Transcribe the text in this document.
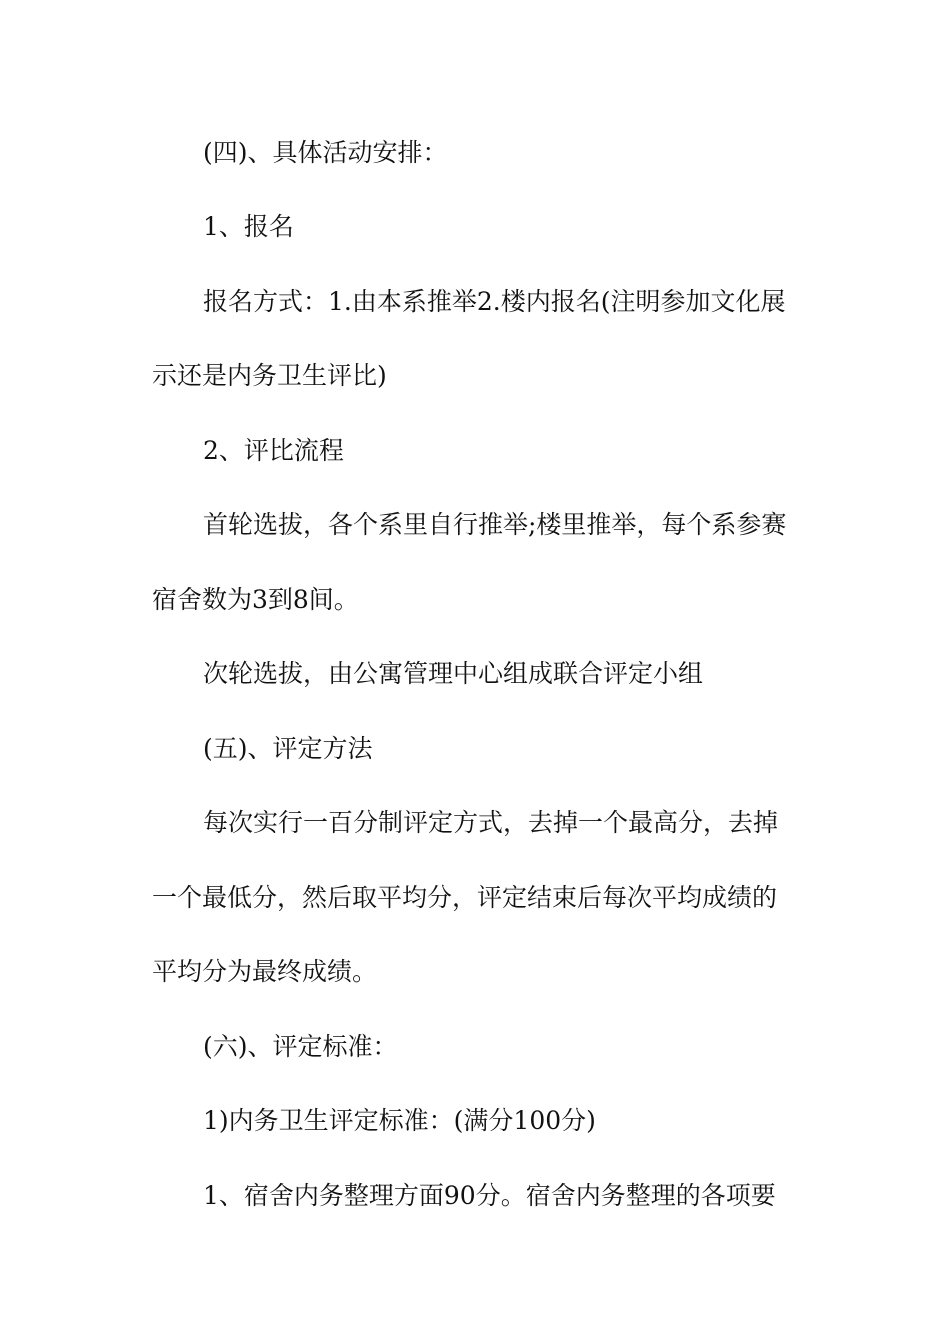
(四)、具体活动安排：
1、报名
报名方式：1.由本系推举2.楼内报名(注明参加文化展
示还是内务卫生评比)
2、评比流程
首轮选拔，各个系里自行推举;楼里推举，每个系参赛
宿舍数为3到8间。
次轮选拔，由公寓管理中心组成联合评定小组
(五)、评定方法
每次实行一百分制评定方式，去掉一个最高分，去掉
一个最低分，然后取平均分，评定结束后每次平均成绩的
平均分为最终成绩。
(六)、评定标准：
1)内务卫生评定标准：(满分100分)
1、宿舍内务整理方面90分。宿舍内务整理的各项要
